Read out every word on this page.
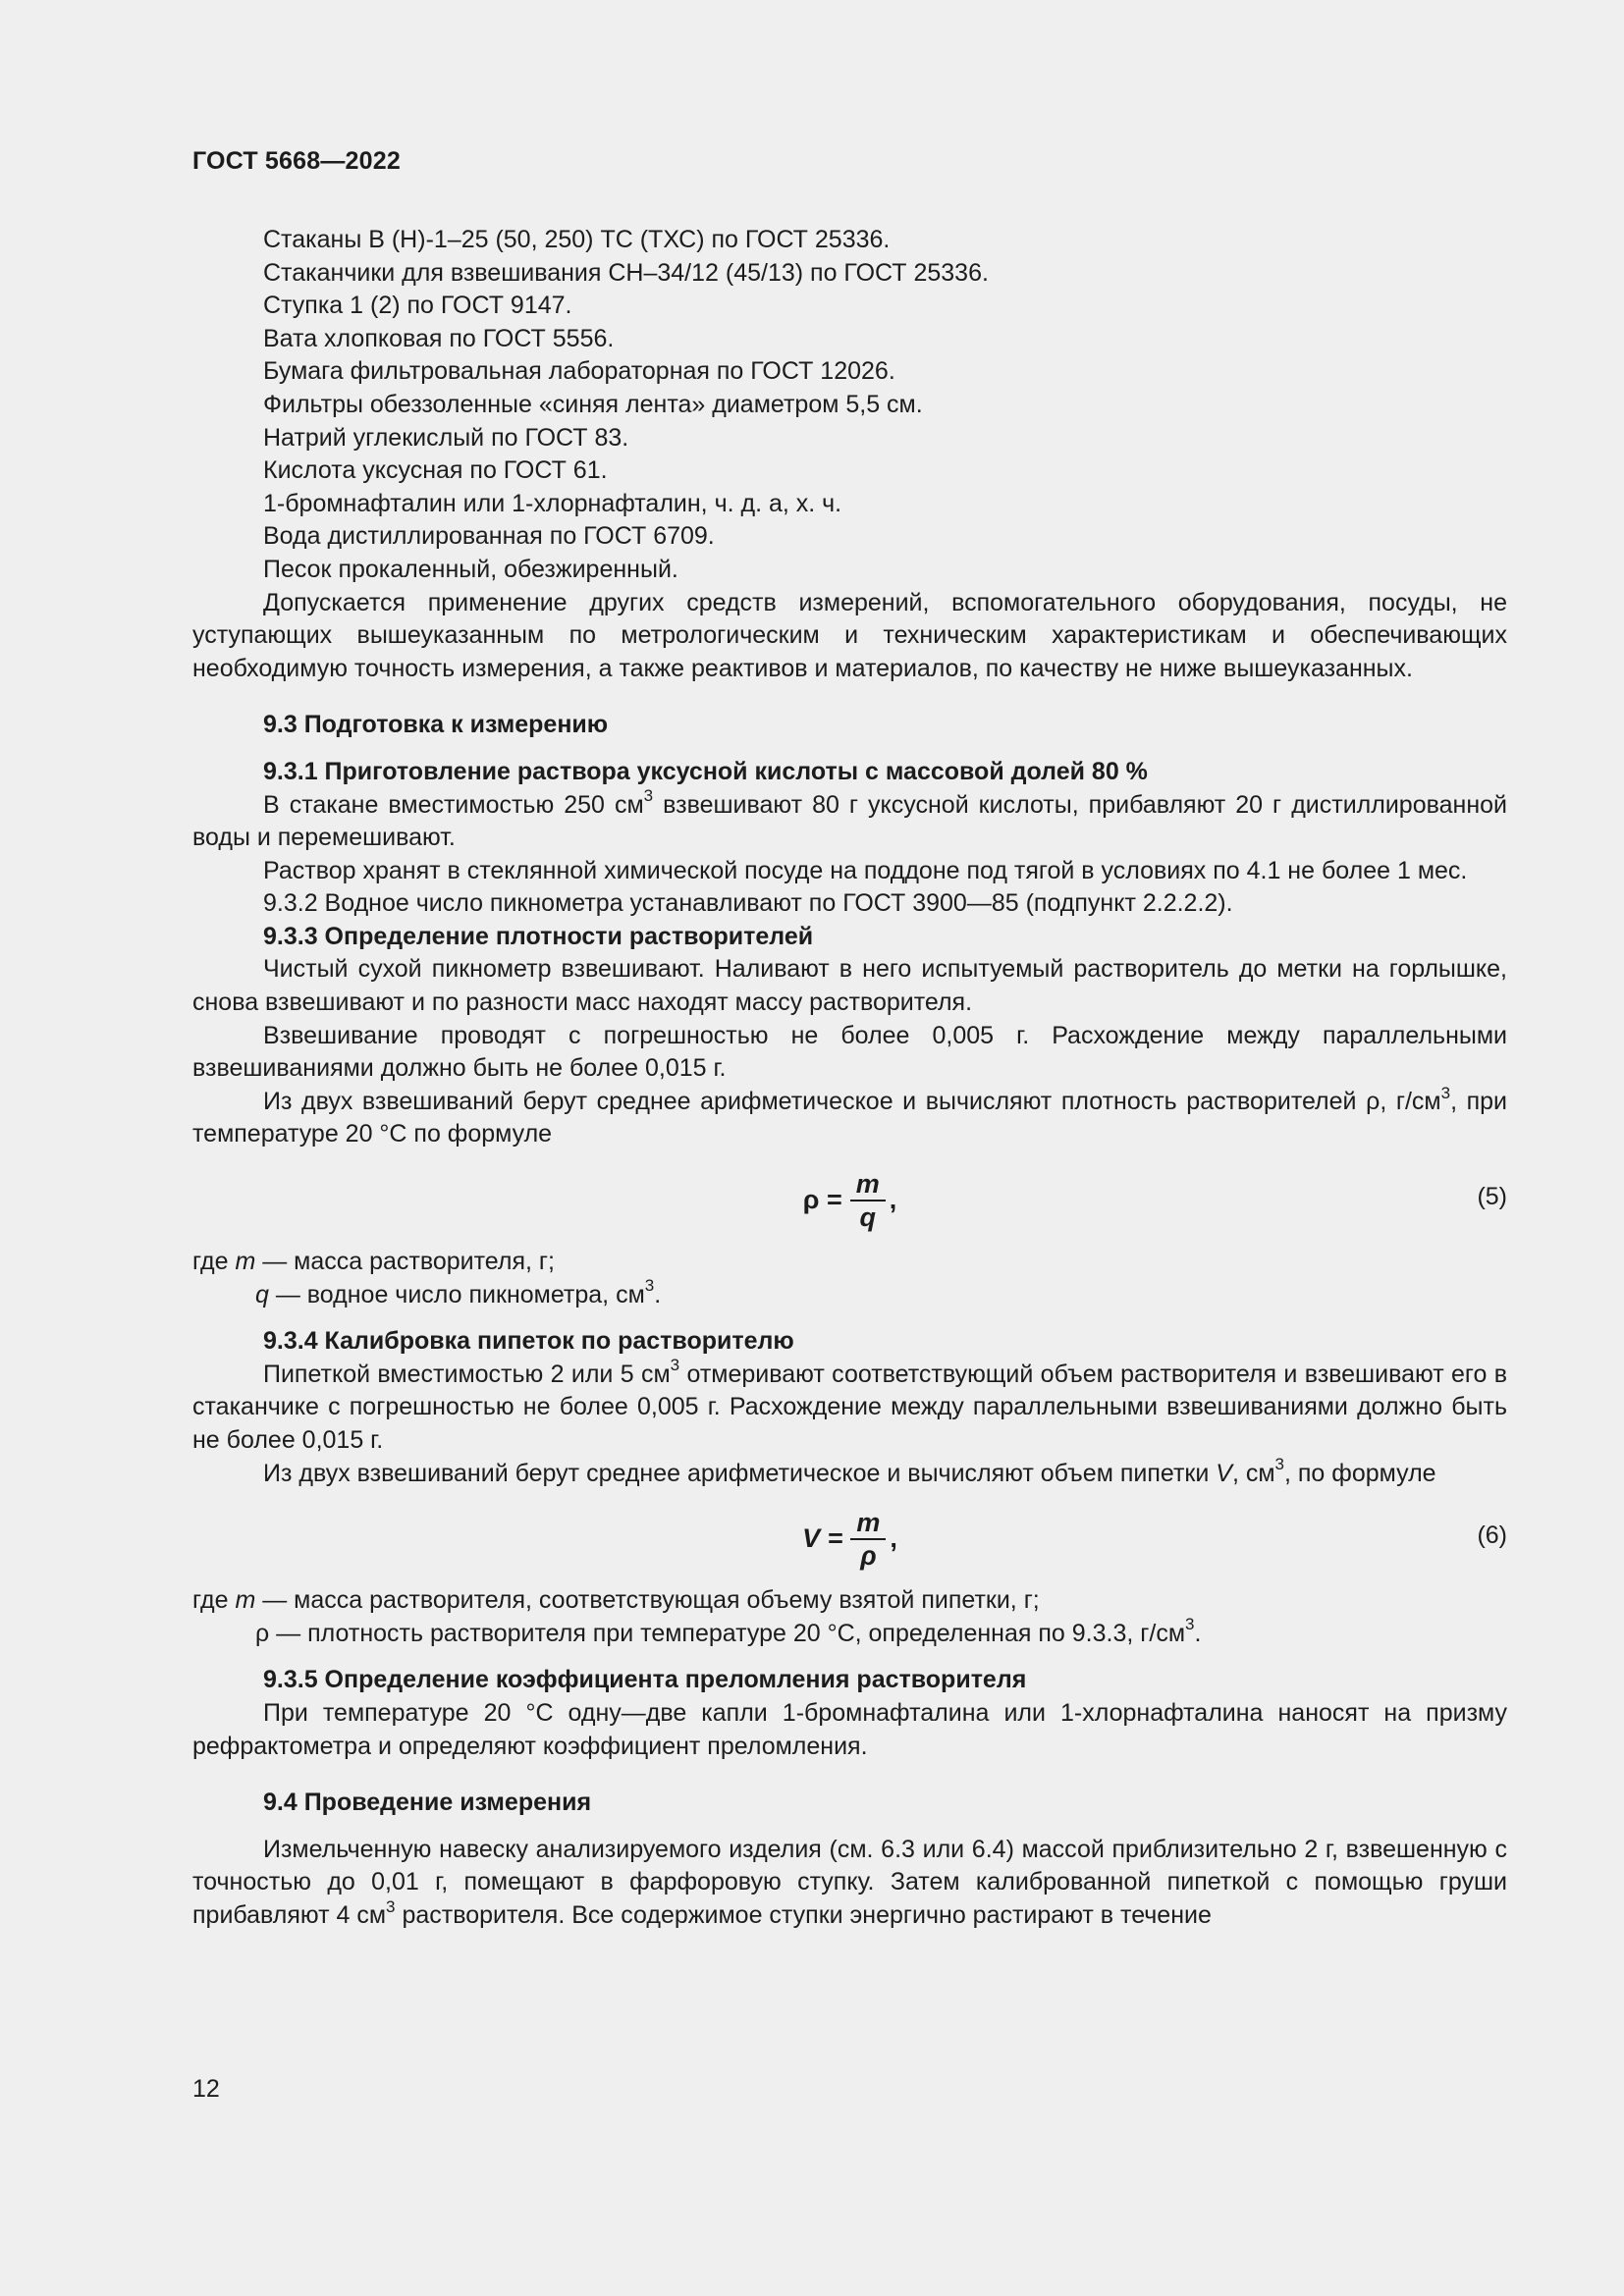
ГОСТ 5668—2022

Стаканы В (Н)-1–25 (50, 250) ТС (ТХС) по ГОСТ 25336.

Стаканчики для взвешивания СН–34/12 (45/13) по ГОСТ 25336.

Ступка 1 (2) по ГОСТ 9147.

Вата хлопковая по ГОСТ 5556.

Бумага фильтровальная лабораторная по ГОСТ 12026.

Фильтры обеззоленные «синяя лента» диаметром 5,5 см.

Натрий углекислый по ГОСТ 83.

Кислота уксусная по ГОСТ 61.

1-бромнафталин или 1-хлорнафталин, ч. д. а, х. ч.

Вода дистиллированная по ГОСТ 6709.

Песок прокаленный, обезжиренный.

Допускается применение других средств измерений, вспомогательного оборудования, посуды, не уступающих вышеуказанным по метрологическим и техническим характеристикам и обеспечивающих необходимую точность измерения, а также реактивов и материалов, по качеству не ниже вышеуказанных.

9.3 Подготовка к измерению

9.3.1 Приготовление раствора уксусной кислоты с массовой долей 80 %

В стакане вместимостью 250 $см^3$ взвешивают 80 г уксусной кислоты, прибавляют 20 г дистиллированной воды и перемешивают.

Раствор хранят в стеклянной химической посуде на поддоне под тягой в условиях по 4.1 не более 1 мес.

9.3.2 Водное число пикнометра устанавливают по ГОСТ 3900—85 (подпункт 2.2.2.2).

9.3.3 Определение плотности растворителей

Чистый сухой пикнометр взвешивают. Наливают в него испытуемый растворитель до метки на горлышке, снова взвешивают и по разности масс находят массу растворителя.

Взвешивание проводят с погрешностью не более 0,005 г. Расхождение между параллельными взвешиваниями должно быть не более 0,015 г.

Из двух взвешиваний берут среднее арифметическое и вычисляют плотность растворителей ρ, $г/см^3$, при температуре 20 °С по формуле

$\rho = \frac{m}{q}$ ,	(5)

где m — масса растворителя, г;

q — водное число пикнометра, $см^3$.

9.3.4 Калибровка пипеток по растворителю

Пипеткой вместимостью 2 или 5 $см^3$ отмеривают соответствующий объем растворителя и взвешивают его в стаканчике с погрешностью не более 0,005 г. Расхождение между параллельными взвешиваниями должно быть не более 0,015 г.

Из двух взвешиваний берут среднее арифметическое и вычисляют объем пипетки V, $см^3$, по формуле

$V = \frac{m}{\rho}$ ,	(6)

где m — масса растворителя, соответствующая объему взятой пипетки, г;

ρ — плотность растворителя при температуре 20 °С, определенная по 9.3.3, $г/см^3$.

9.3.5 Определение коэффициента преломления растворителя

При температуре 20 °С одну—две капли 1-бромнафталина или 1-хлорнафталина наносят на призму рефрактометра и определяют коэффициент преломления.

9.4 Проведение измерения

Измельченную навеску анализируемого изделия (см. 6.3 или 6.4) массой приблизительно 2 г, взвешенную с точностью до 0,01 г, помещают в фарфоровую ступку. Затем калиброванной пипеткой с помощью груши прибавляют 4 $см^3$ растворителя. Все содержимое ступки энергично растирают в течение

12
